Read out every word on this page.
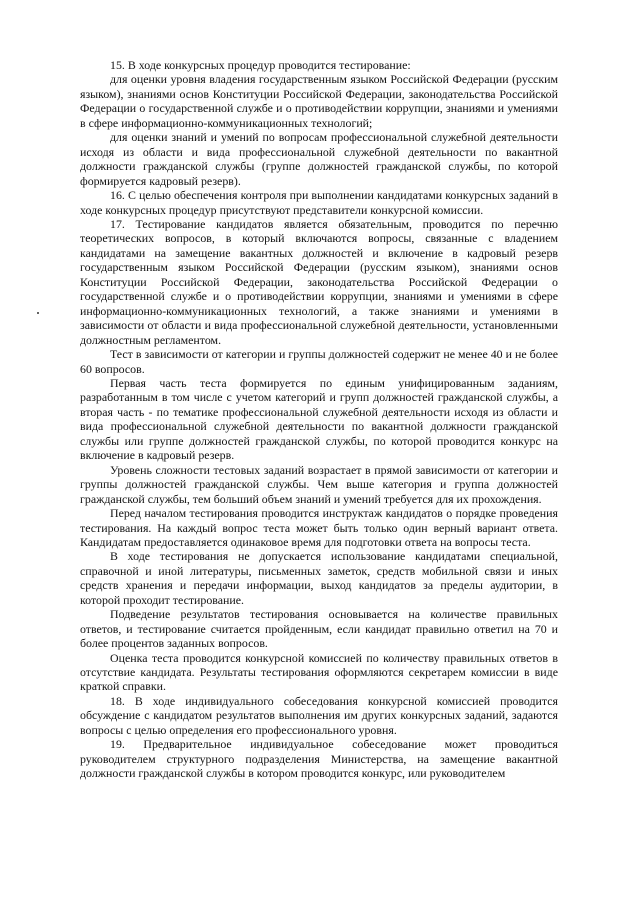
15. В ходе конкурсных процедур проводится тестирование:

для оценки уровня владения государственным языком Российской Федерации (русским языком), знаниями основ Конституции Российской Федерации, законодательства Российской Федерации о государственной службе и о противодействии коррупции, знаниями и умениями в сфере информационно-коммуникационных технологий;

для оценки знаний и умений по вопросам профессиональной служебной деятельности исходя из области и вида профессиональной служебной деятельности по вакантной должности гражданской службы (группе должностей гражданской службы, по которой формируется кадровый резерв).

16. С целью обеспечения контроля при выполнении кандидатами конкурсных заданий в ходе конкурсных процедур присутствуют представители конкурсной комиссии.

17. Тестирование кандидатов является обязательным, проводится по перечню теоретических вопросов, в который включаются вопросы, связанные с владением кандидатами на замещение вакантных должностей и включение в кадровый резерв государственным языком Российской Федерации (русским языком), знаниями основ Конституции Российской Федерации, законодательства Российской Федерации о государственной службе и о противодействии коррупции, знаниями и умениями в сфере информационно-коммуникационных технологий, а также знаниями и умениями в зависимости от области и вида профессиональной служебной деятельности, установленными должностным регламентом.

Тест в зависимости от категории и группы должностей содержит не менее 40 и не более 60 вопросов.

Первая часть теста формируется по единым унифицированным заданиям, разработанным в том числе с учетом категорий и групп должностей гражданской службы, а вторая часть - по тематике профессиональной служебной деятельности исходя из области и вида профессиональной служебной деятельности по вакантной должности гражданской службы или группе должностей гражданской службы, по которой проводится конкурс на включение в кадровый резерв.

Уровень сложности тестовых заданий возрастает в прямой зависимости от категории и группы должностей гражданской службы. Чем выше категория и группа должностей гражданской службы, тем больший объем знаний и умений требуется для их прохождения.

Перед началом тестирования проводится инструктаж кандидатов о порядке проведения тестирования. На каждый вопрос теста может быть только один верный вариант ответа. Кандидатам предоставляется одинаковое время для подготовки ответа на вопросы теста.

В ходе тестирования не допускается использование кандидатами специальной, справочной и иной литературы, письменных заметок, средств мобильной связи и иных средств хранения и передачи информации, выход кандидатов за пределы аудитории, в которой проходит тестирование.

Подведение результатов тестирования основывается на количестве правильных ответов, и тестирование считается пройденным, если кандидат правильно ответил на 70 и более процентов заданных вопросов.

Оценка теста проводится конкурсной комиссией по количеству правильных ответов в отсутствие кандидата. Результаты тестирования оформляются секретарем комиссии в виде краткой справки.

18. В ходе индивидуального собеседования конкурсной комиссией проводится обсуждение с кандидатом результатов выполнения им других конкурсных заданий, задаются вопросы с целью определения его профессионального уровня.

19. Предварительное индивидуальное собеседование может проводиться руководителем структурного подразделения Министерства, на замещение вакантной должности гражданской службы в котором проводится конкурс, или руководителем
